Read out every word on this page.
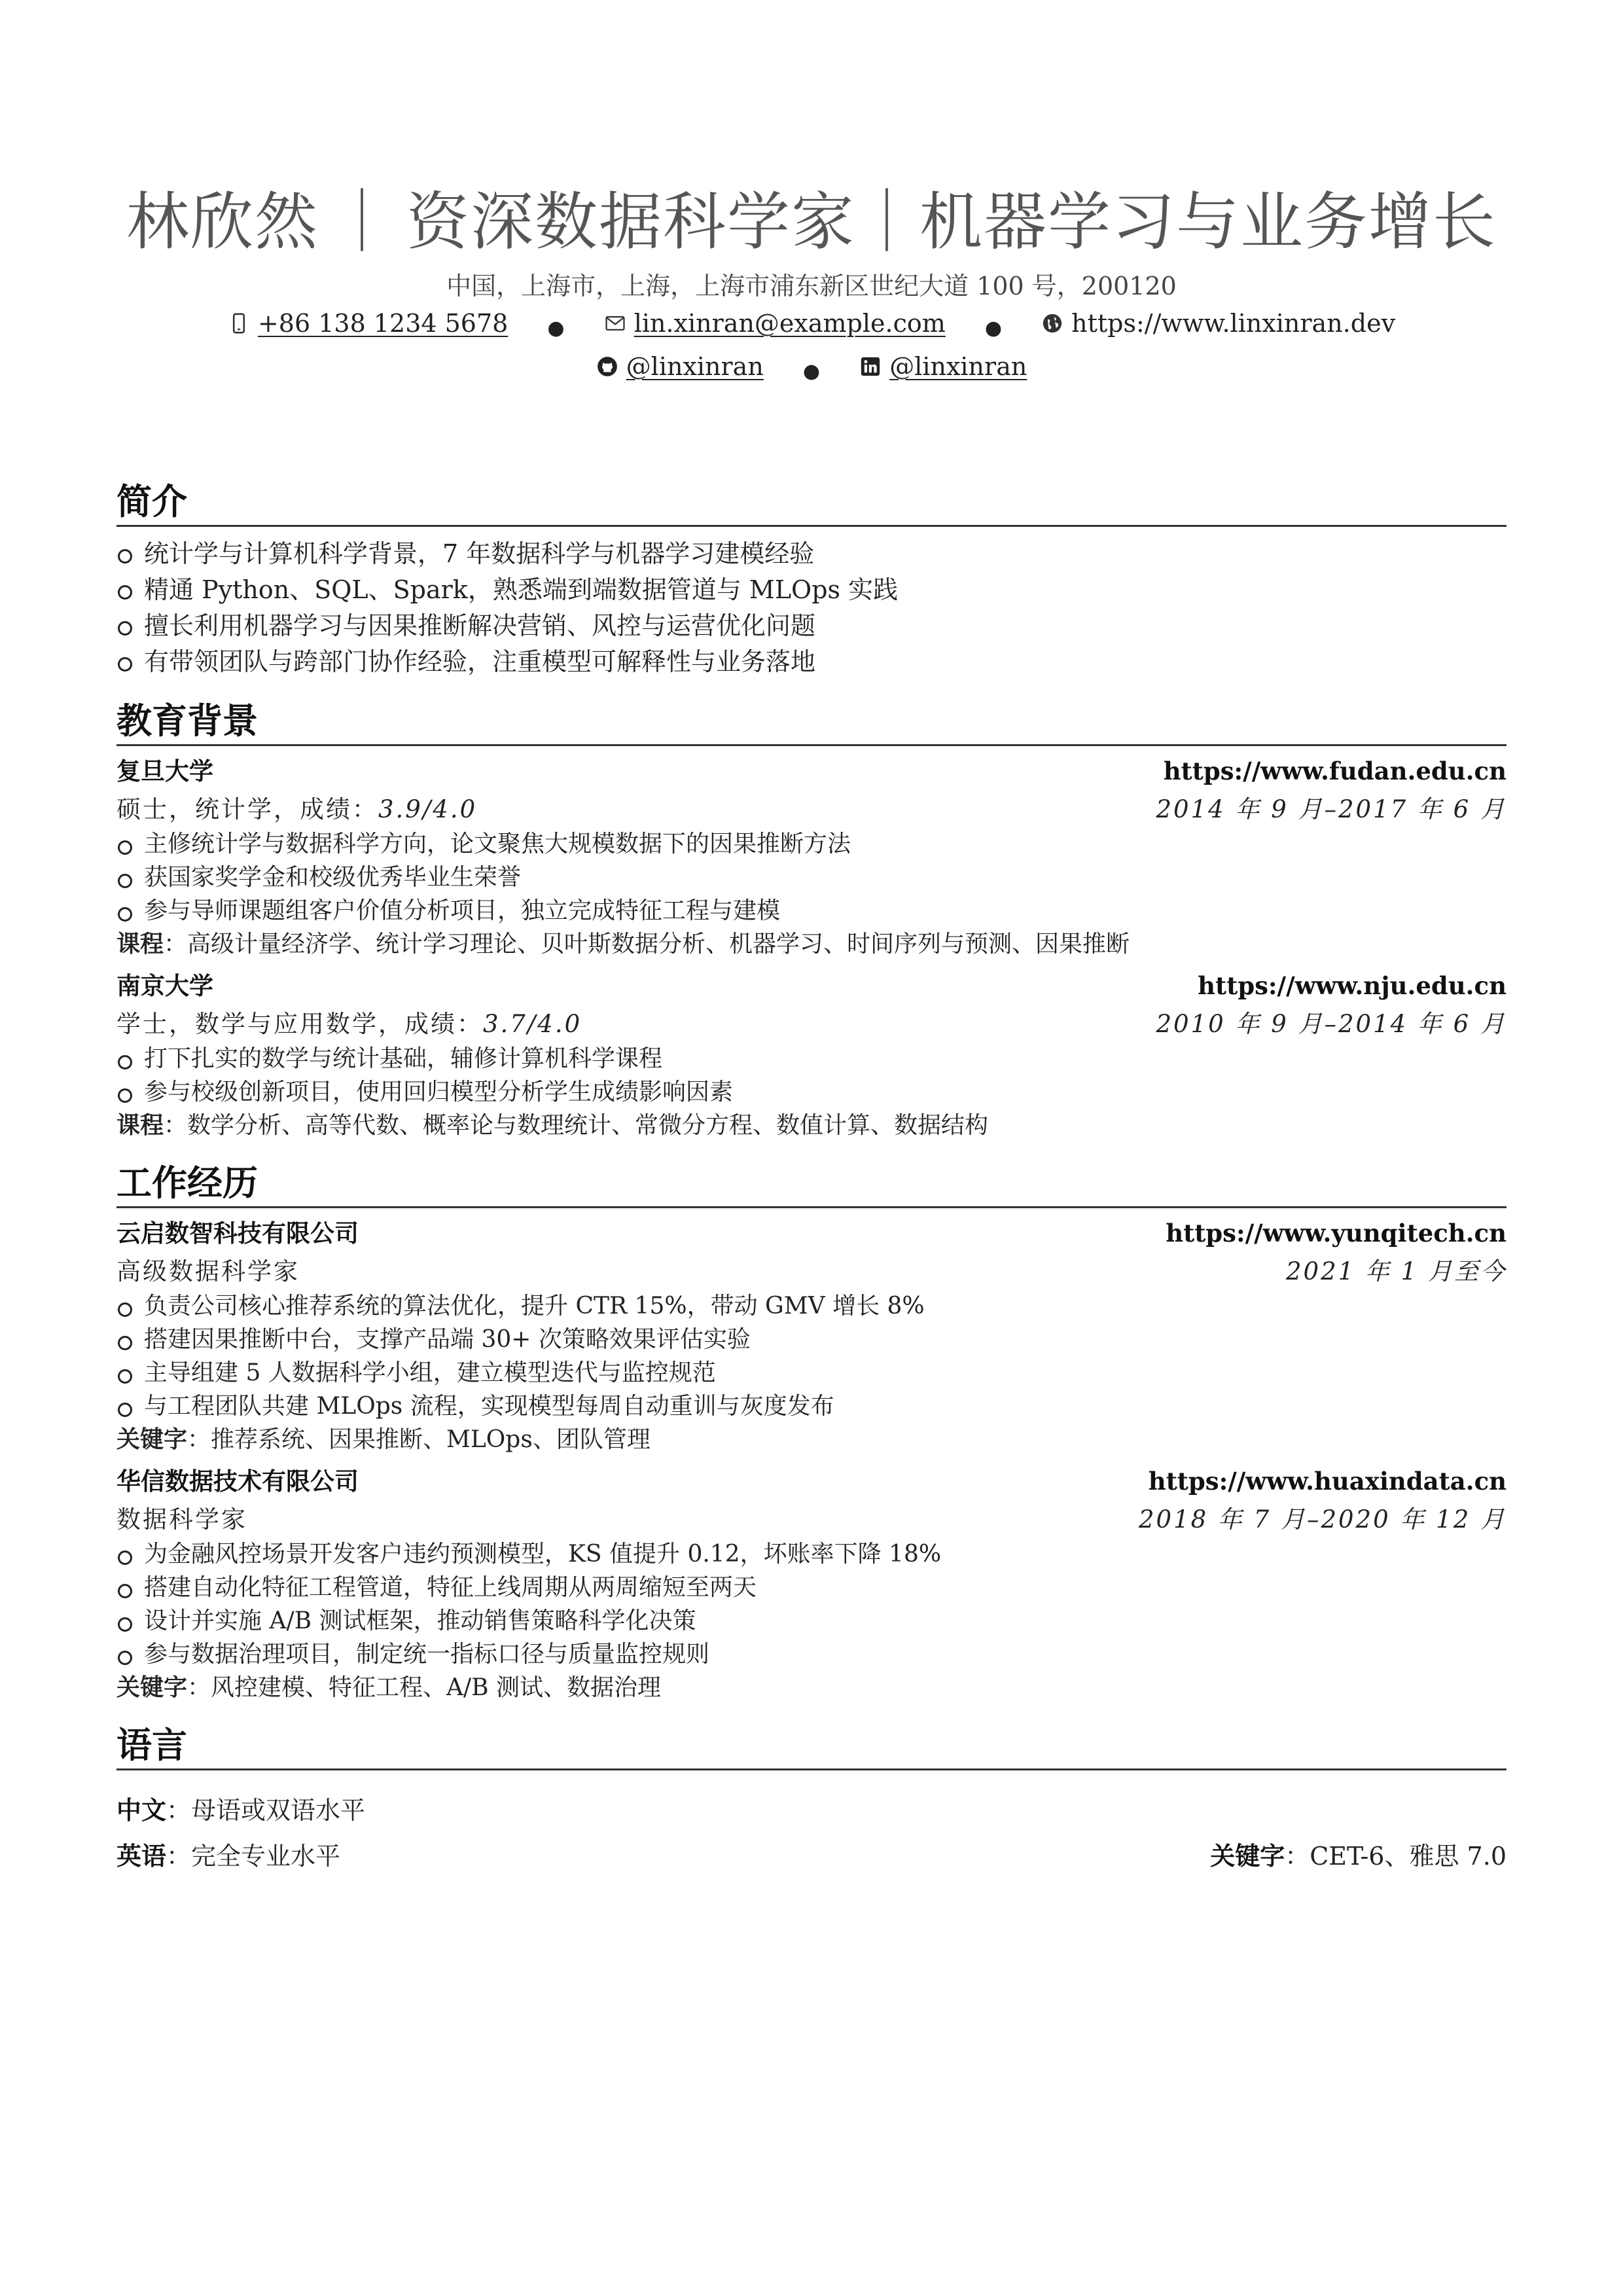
林欣然 ｜ 资深数据科学家｜机器学习与业务增长
中国，上海市，上海，上海市浦东新区世纪大道 100 号，200120
+86 138 1234 5678 ●	lin.xinran@example.com ●	https://www.linxinran.dev
@linxinran ●	@linxinran
简介
统计学与计算机科学背景，7 年数据科学与机器学习建模经验
精通 Python、SQL、Spark，熟悉端到端数据管道与 MLOps 实践
擅长利用机器学习与因果推断解决营销、风控与运营优化问题
有带领团队与跨部门协作经验，注重模型可解释性与业务落地
教育背景
复旦大学	https://www.fudan.edu.cn
硕士，统计学，成绩：3.9/4.0	2014 年 9 月–2017 年 6 月
主修统计学与数据科学方向，论文聚焦大规模数据下的因果推断方法
获国家奖学金和校级优秀毕业生荣誉
参与导师课题组客户价值分析项目，独立完成特征工程与建模
课程：高级计量经济学、统计学习理论、贝叶斯数据分析、机器学习、时间序列与预测、因果推断
南京大学	https://www.nju.edu.cn
学士，数学与应用数学，成绩：3.7/4.0	2010 年 9 月–2014 年 6 月
打下扎实的数学与统计基础，辅修计算机科学课程
参与校级创新项目，使用回归模型分析学生成绩影响因素
课程：数学分析、高等代数、概率论与数理统计、常微分方程、数值计算、数据结构
工作经历
云启数智科技有限公司	https://www.yunqitech.cn
高级数据科学家	2021 年 1 月至今
负责公司核心推荐系统的算法优化，提升 CTR 15%，带动 GMV 增长 8%
搭建因果推断中台，支撑产品端 30+ 次策略效果评估实验
主导组建 5 人数据科学小组，建立模型迭代与监控规范
与工程团队共建 MLOps 流程，实现模型每周自动重训与灰度发布
关键字：推荐系统、因果推断、MLOps、团队管理
华信数据技术有限公司	https://www.huaxindata.cn
数据科学家	2018 年 7 月–2020 年 12 月
为金融风控场景开发客户违约预测模型，KS 值提升 0.12，坏账率下降 18%
搭建自动化特征工程管道，特征上线周期从两周缩短至两天
设计并实施 A/B 测试框架，推动销售策略科学化决策
参与数据治理项目，制定统一指标口径与质量监控规则
关键字：风控建模、特征工程、A/B 测试、数据治理
语言
中文：母语或双语水平
英语：完全专业水平	关键字：CET-6、雅思 7.0
